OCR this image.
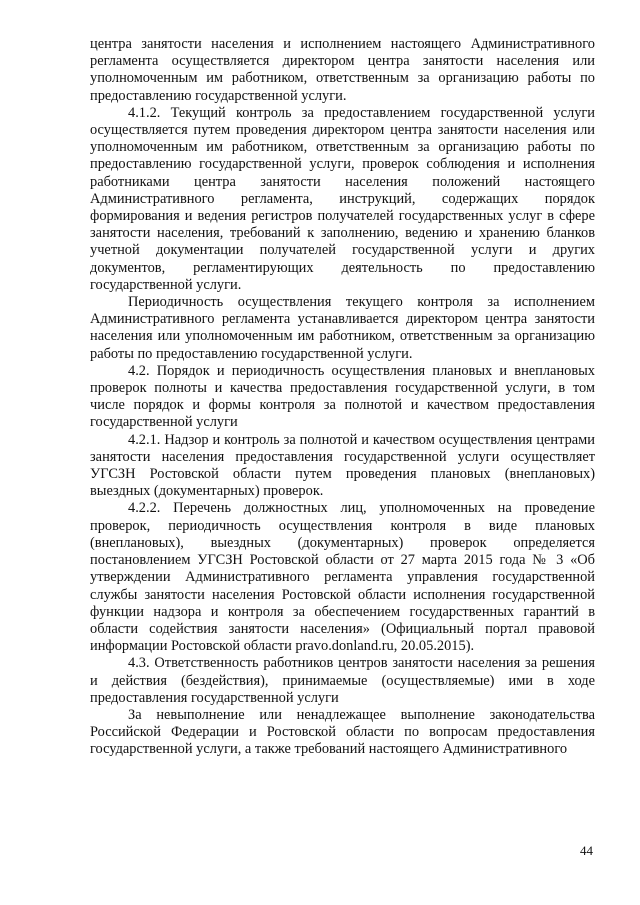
центра занятости населения и исполнением настоящего Административного регламента осуществляется директором центра занятости населения или уполномоченным им работником, ответственным за организацию работы по предоставлению государственной услуги.

4.1.2. Текущий контроль за предоставлением государственной услуги осуществляется путем проведения директором центра занятости населения или уполномоченным им работником, ответственным за организацию работы по предоставлению государственной услуги, проверок соблюдения и исполнения работниками центра занятости населения положений настоящего Административного регламента, инструкций, содержащих порядок формирования и ведения регистров получателей государственных услуг в сфере занятости населения, требований к заполнению, ведению и хранению бланков учетной документации получателей государственной услуги и других документов, регламентирующих деятельность по предоставлению государственной услуги.

Периодичность осуществления текущего контроля за исполнением Административного регламента устанавливается директором центра занятости населения или уполномоченным им работником, ответственным за организацию работы по предоставлению государственной услуги.

4.2. Порядок и периодичность осуществления плановых и внеплановых проверок полноты и качества предоставления государственной услуги, в том числе порядок и формы контроля за полнотой и качеством предоставления государственной услуги

4.2.1. Надзор и контроль за полнотой и качеством осуществления центрами занятости населения предоставления государственной услуги осуществляет УГСЗН Ростовской области путем проведения плановых (внеплановых) выездных (документарных) проверок.

4.2.2. Перечень должностных лиц, уполномоченных на проведение проверок, периодичность осуществления контроля в виде плановых (внеплановых), выездных (документарных) проверок определяется постановлением УГСЗН Ростовской области от 27 марта 2015 года № 3 «Об утверждении Административного регламента управления государственной службы занятости населения Ростовской области исполнения государственной функции надзора и контроля за обеспечением государственных гарантий в области содействия занятости населения» (Официальный портал правовой информации Ростовской области pravo.donland.ru, 20.05.2015).

4.3. Ответственность работников центров занятости населения за решения и действия (бездействия), принимаемые (осуществляемые) ими в ходе предоставления государственной услуги

За невыполнение или ненадлежащее выполнение законодательства Российской Федерации и Ростовской области по вопросам предоставления государственной услуги, а также требований настоящего Административного

44
